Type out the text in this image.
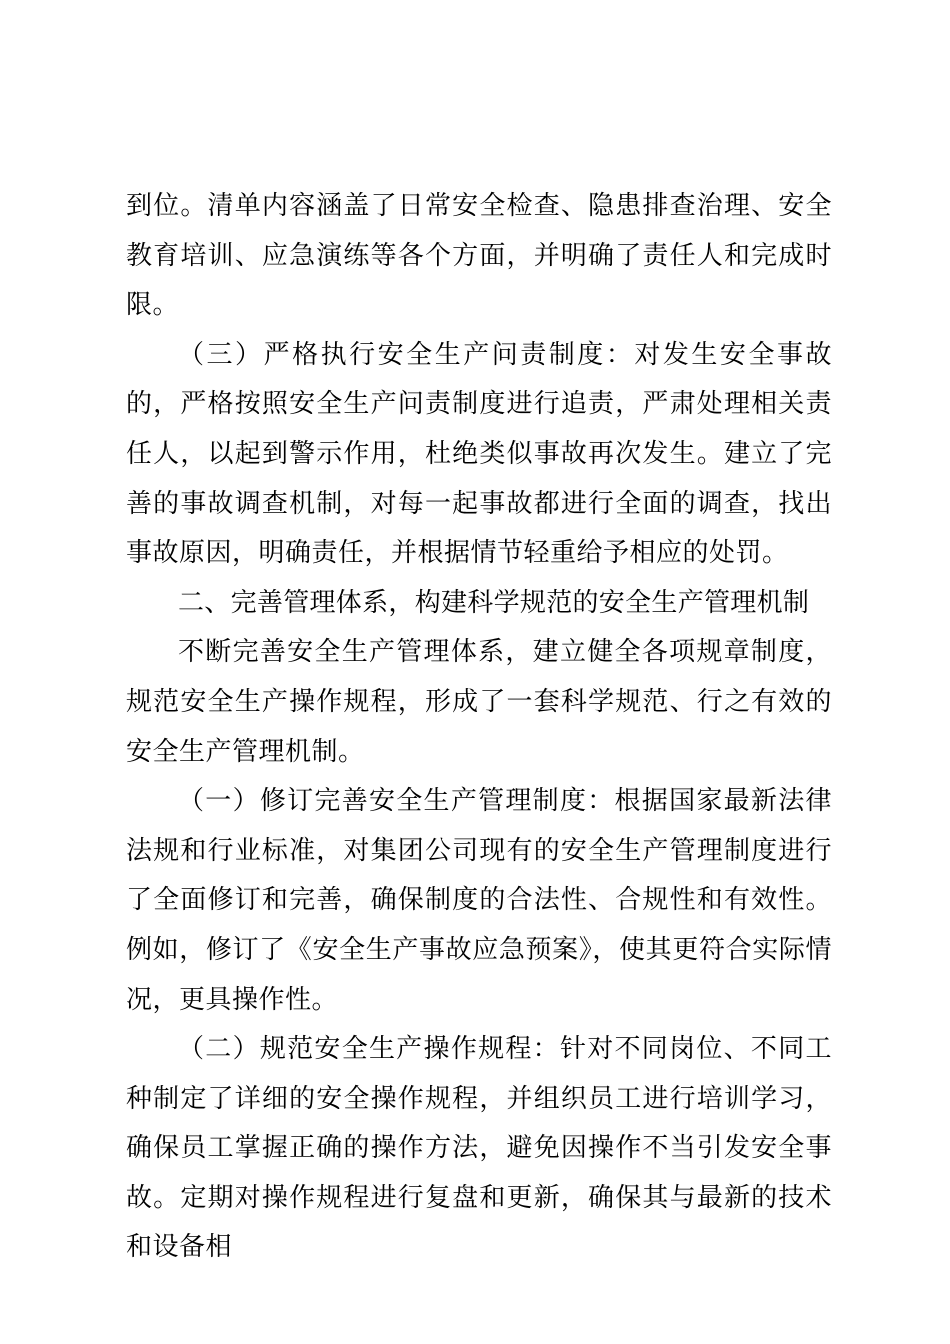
到位。清单内容涵盖了日常安全检查、隐患排查治理、安全教育培训、应急演练等各个方面，并明确了责任人和完成时限。

（三）严格执行安全生产问责制度：对发生安全事故的，严格按照安全生产问责制度进行追责，严肃处理相关责任人，以起到警示作用，杜绝类似事故再次发生。建立了完善的事故调查机制，对每一起事故都进行全面的调查，找出事故原因，明确责任，并根据情节轻重给予相应的处罚。

二、完善管理体系，构建科学规范的安全生产管理机制

不断完善安全生产管理体系，建立健全各项规章制度，规范安全生产操作规程，形成了一套科学规范、行之有效的安全生产管理机制。

（一）修订完善安全生产管理制度：根据国家最新法律法规和行业标准，对集团公司现有的安全生产管理制度进行了全面修订和完善，确保制度的合法性、合规性和有效性。例如，修订了《安全生产事故应急预案》，使其更符合实际情况，更具操作性。

（二）规范安全生产操作规程：针对不同岗位、不同工种制定了详细的安全操作规程，并组织员工进行培训学习，确保员工掌握正确的操作方法，避免因操作不当引发安全事故。定期对操作规程进行复盘和更新，确保其与最新的技术和设备相
